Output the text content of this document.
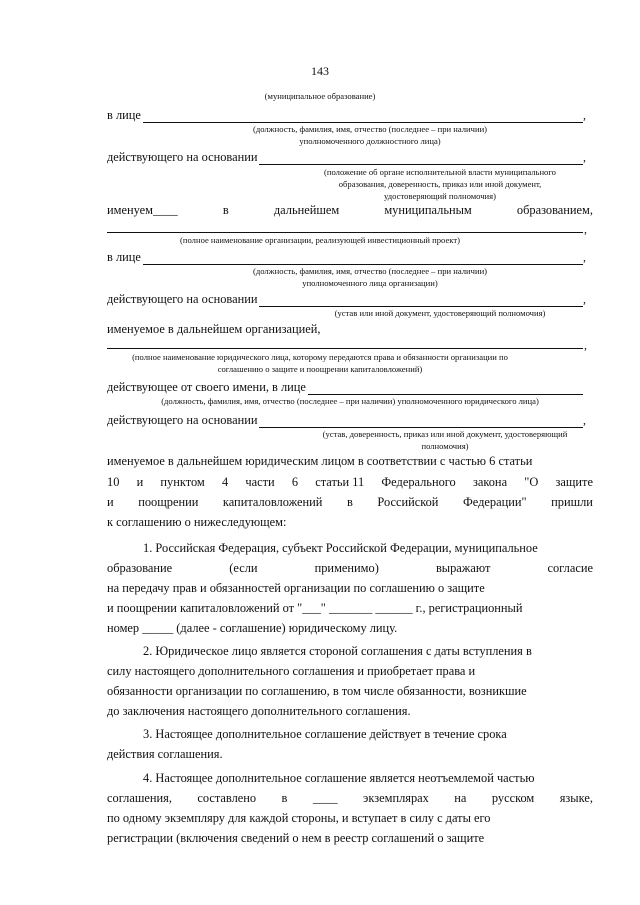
143
(муниципальное образование)
в лице	,
(должность, фамилия, имя, отчество (последнее – при наличии)
уполномоченного должностного лица)
действующего на основании	,
(положение об органе исполнительной власти муниципального
образования, доверенность, приказ или иной документ,
удостоверяющий полномочия)
именуем____	в	дальнейшем	муниципальным	образованием,
,
(полное наименование организации, реализующей инвестиционный проект)
в лице	,
(должность, фамилия, имя, отчество (последнее – при наличии)
уполномоченного лица организации)
действующего на основании	,
(устав или иной документ, удостоверяющий полномочия)
именуемое в дальнейшем организацией,
,
(полное наименование юридического лица, которому передаются права и обязанности организации по
соглашению о защите и поощрении капиталовложений)
действующее от своего имени, в лице
(должность, фамилия, имя, отчество (последнее – при наличии) уполномоченного юридического лица)
действующего на основании	,
(устав, доверенность, приказ или иной документ, удостоверяющий
полномочия)
именуемое в дальнейшем юридическим лицом в соответствии с частью 6 статьи
10 и пунктом 4 части 6 статьи 11 Федерального закона "О защите
и поощрении капиталовложений в Российской Федерации" пришли
к соглашению о нижеследующем:
1. Российская Федерация, субъект Российской Федерации, муниципальное
образование	(если	применимо)	выражают	согласие
на передачу прав и обязанностей организации по соглашению о защите
и поощрении капиталовложений от "___" _______ ______ г., регистрационный
номер _____ (далее - соглашение) юридическому лицу.
2. Юридическое лицо является стороной соглашения с даты вступления в
силу настоящего дополнительного соглашения и приобретает права и
обязанности организации по соглашению, в том числе обязанности, возникшие
до заключения настоящего дополнительного соглашения.
3. Настоящее дополнительное соглашение действует в течение срока
действия соглашения.
4. Настоящее дополнительное соглашение является неотъемлемой частью
соглашения, составлено в ____ экземплярах на русском языке,
по одному экземпляру для каждой стороны, и вступает в силу с даты его
регистрации (включения сведений о нем в реестр соглашений о защите
